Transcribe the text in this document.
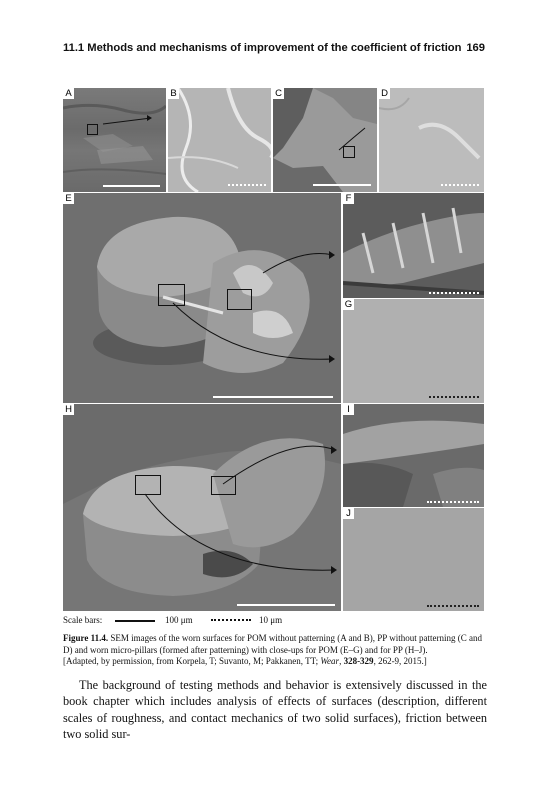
11.1 Methods and mechanisms of improvement of the coefficient of friction 169
A	B	C	D
E	F
G
H	I
J
Scale bars:	100 μm	10 μm
Figure 11.4. SEM images of the worn surfaces for POM without patterning (A and B), PP without patterning (C and D) and worn micro-pillars (formed after patterning) with close-ups for POM (E–G) and for PP (H–J).
[Adapted, by permission, from Korpela, T; Suvanto, M; Pakkanen, TT; Wear, 328-329, 262-9, 2015.]
The background of testing methods and behavior is extensively discussed in the book chapter which includes analysis of effects of surfaces (description, different scales of roughness, and contact mechanics of two solid surfaces), friction between two solid sur-
